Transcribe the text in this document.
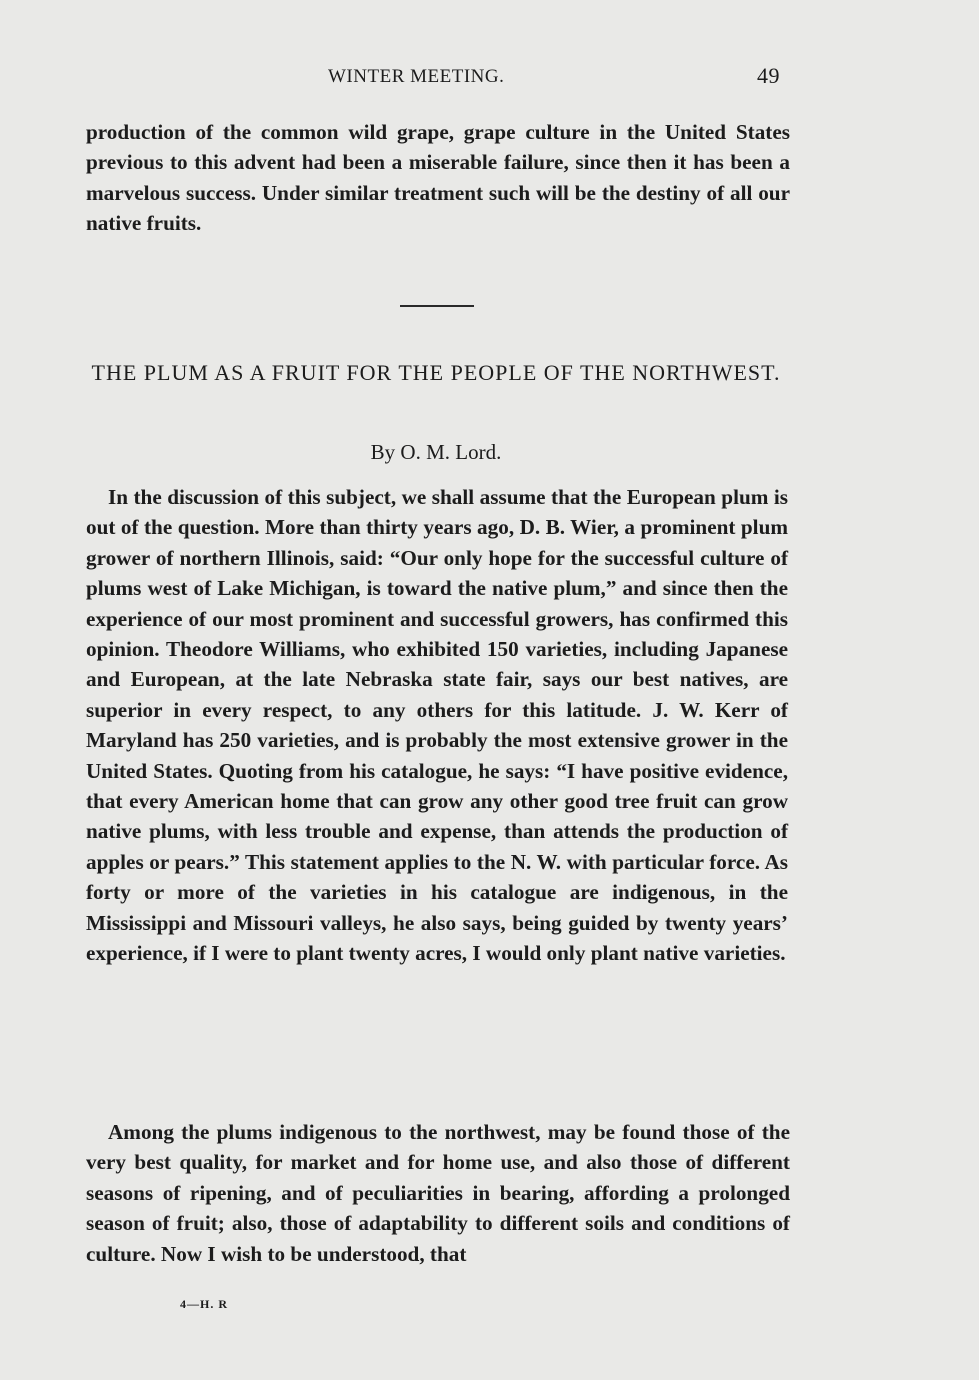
WINTER MEETING.	49
production of the common wild grape, grape culture in the United States previous to this advent had been a miserable failure, since then it has been a marvelous success. Under similar treatment such will be the destiny of all our native fruits.
THE PLUM AS A FRUIT FOR THE PEOPLE OF THE NORTHWEST.
By O. M. Lord.
In the discussion of this subject, we shall assume that the European plum is out of the question. More than thirty years ago, D. B. Wier, a prominent plum grower of northern Illinois, said: “Our only hope for the successful culture of plums west of Lake Michigan, is toward the native plum,” and since then the experience of our most prominent and successful growers, has confirmed this opinion. Theodore Williams, who exhibited 150 varieties, including Japanese and European, at the late Nebraska state fair, says our best natives, are superior in every respect, to any others for this latitude. J. W. Kerr of Maryland has 250 varieties, and is probably the most extensive grower in the United States. Quoting from his catalogue, he says: “I have positive evidence, that every American home that can grow any other good tree fruit can grow native plums, with less trouble and expense, than attends the production of apples or pears.” This statement applies to the N. W. with particular force. As forty or more of the varieties in his catalogue are indigenous, in the Mississippi and Missouri valleys, he also says, being guided by twenty years’ experience, if I were to plant twenty acres, I would only plant native varieties.
Among the plums indigenous to the northwest, may be found those of the very best quality, for market and for home use, and also those of different seasons of ripening, and of peculiarities in bearing, affording a prolonged season of fruit; also, those of adaptability to different soils and conditions of culture. Now I wish to be understood, that
4—H. R
